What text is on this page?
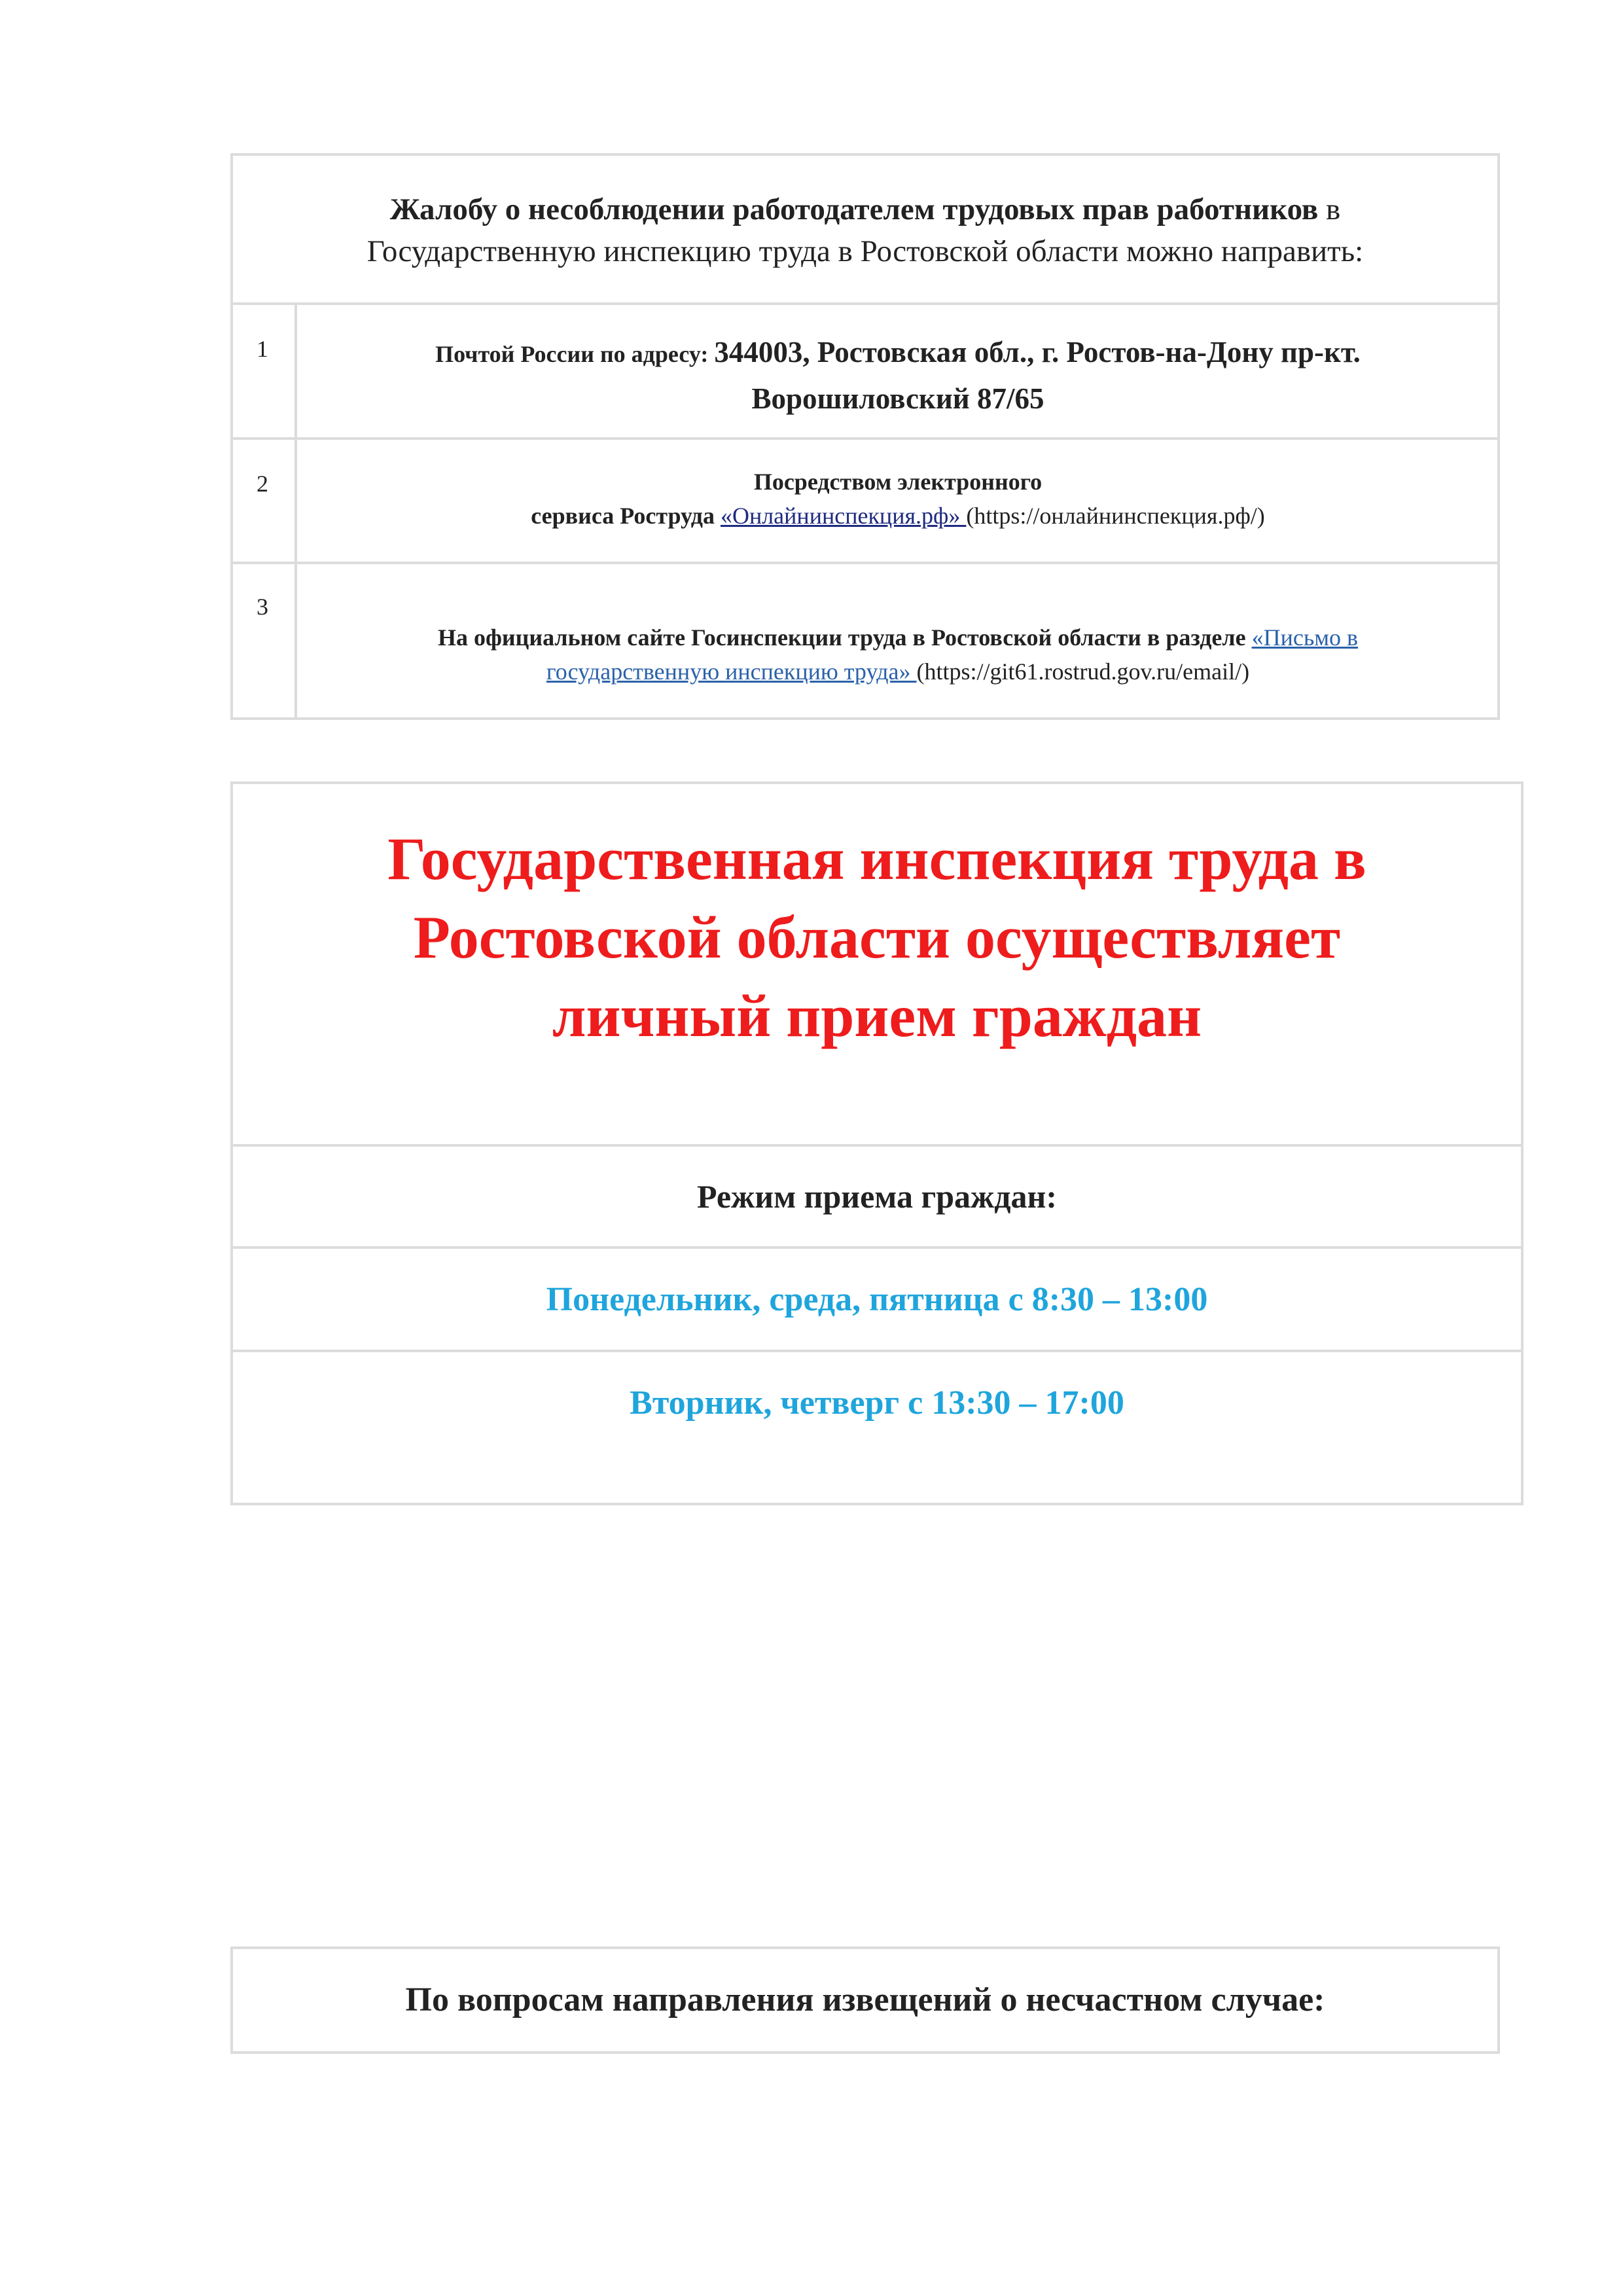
Жалобу о несоблюдении работодателем трудовых прав работников в
Государственную инспекцию труда в Ростовской области можно направить:
1	Почтой России по адресу: 344003, Ростовская обл., г. Ростов-на-Дону пр-кт.
Ворошиловский 87/65
2	Посредством электронного
сервиса Роструда «Онлайнинспекция.рф» (https://онлайнинспекция.рф/)
3
На официальном сайте Госинспекции труда в Ростовской области в разделе «Письмо в
государственную инспекцию труда» (https://git61.rostrud.gov.ru/email/)
Государственная инспекция труда в
Ростовской области осуществляет
личный прием граждан
Режим приема граждан:
Понедельник, среда, пятница с 8:30 – 13:00
Вторник, четверг с 13:30 – 17:00
По вопросам направления извещений о несчастном случае:
